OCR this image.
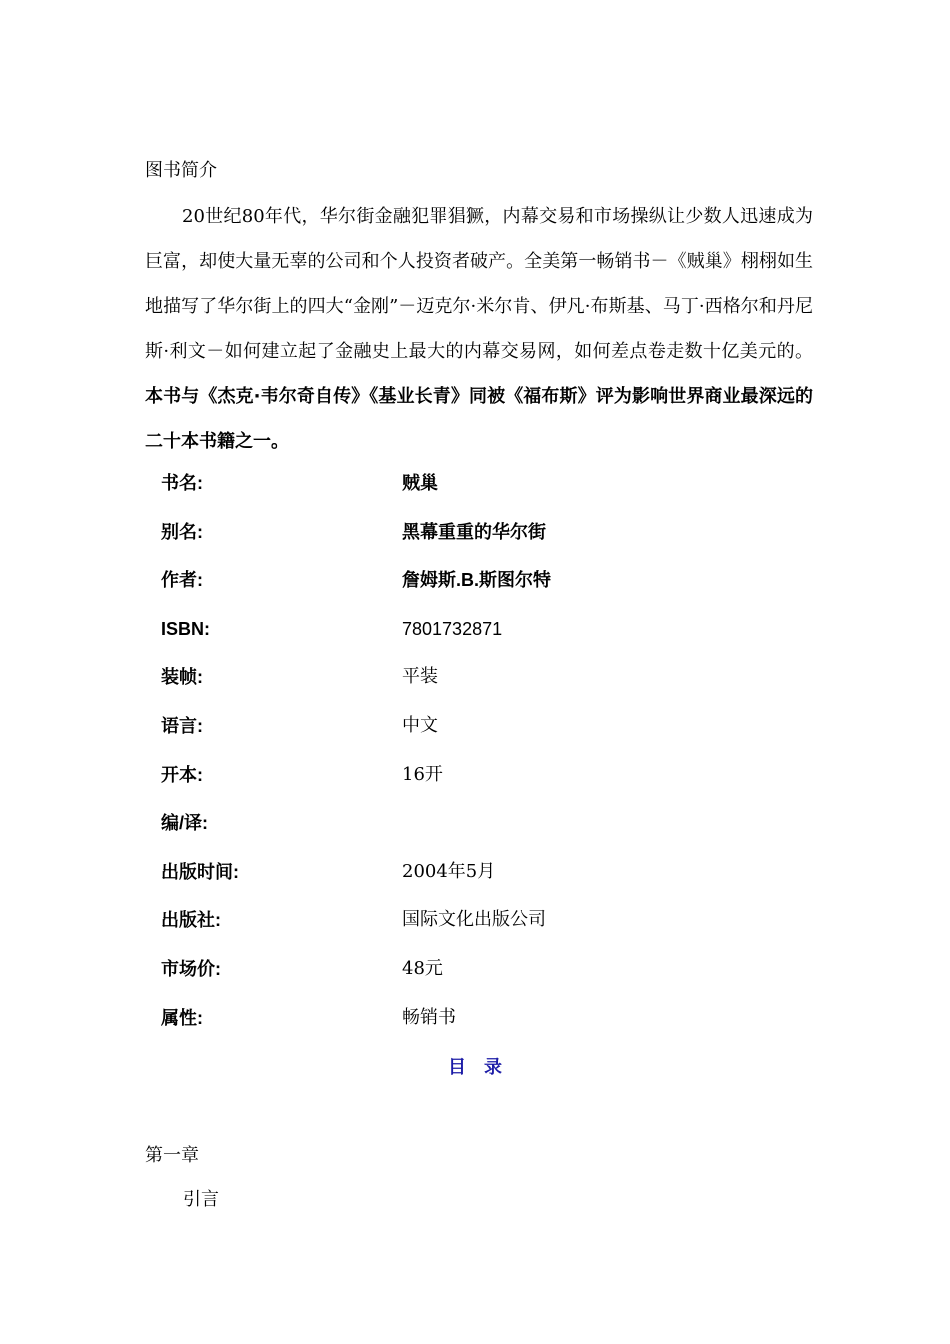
图书简介

20世纪80年代，华尔街金融犯罪猖獗，内幕交易和市场操纵让少数人迅速成为巨富，却使大量无辜的公司和个人投资者破产。全美第一畅销书－《贼巢》栩栩如生地描写了华尔街上的四大“金刚”－迈克尔·米尔肯、伊凡·布斯基、马丁·西格尔和丹尼斯·利文－如何建立起了金融史上最大的内幕交易网，如何差点卷走数十亿美元的。本书与《杰克·韦尔奇自传》《基业长青》同被《福布斯》评为影响世界商业最深远的二十本书籍之一。

书名:	贼巢
别名:	黑幕重重的华尔街
作者:	詹姆斯.B.斯图尔特
ISBN:	7801732871
装帧:	平装
语言:	中文
开本:	16开
编/译:
出版时间:	2004年5月
出版社:	国际文化出版公司
市场价:	48元
属性:	畅销书
目录
第一章
引言
